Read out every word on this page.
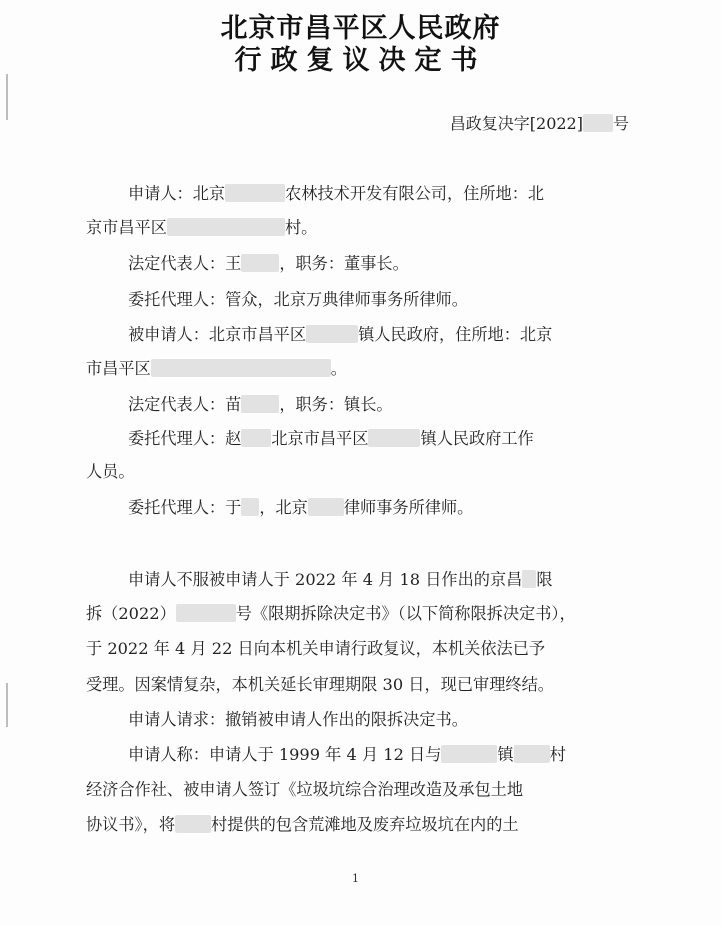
北京市昌平区人民政府
行政复议决定书
昌政复决字[2022] 号
申请人：北京	农林技术开发有限公司，住所地：北
京市昌平区	村。
法定代表人：王 ，职务：董事长。
委托代理人：管众，北京万典律师事务所律师。
被申请人：北京市昌平区	镇人民政府，住所地：北京
市昌平区	。
法定代表人：苗 ，职务：镇长。
委托代理人：赵 北京市昌平区	镇人民政府工作
人员。
委托代理人：于 ，北京 律师事务所律师。
申请人不服被申请人于 2022 年 4 月 18 日作出的京昌 限
拆（2022）	号《限期拆除决定书》（以下简称限拆决定书），
于 2022 年 4 月 22 日向本机关申请行政复议，本机关依法已予
受理。因案情复杂，本机关延长审理期限 30 日，现已审理终结。
申请人请求：撤销被申请人作出的限拆决定书。
申请人称：申请人于 1999 年 4 月 12 日与	镇 村
经济合作社、被申请人签订《垃圾坑综合治理改造及承包土地
协议书》，将 村提供的包含荒滩地及废弃垃圾坑在内的土
1
